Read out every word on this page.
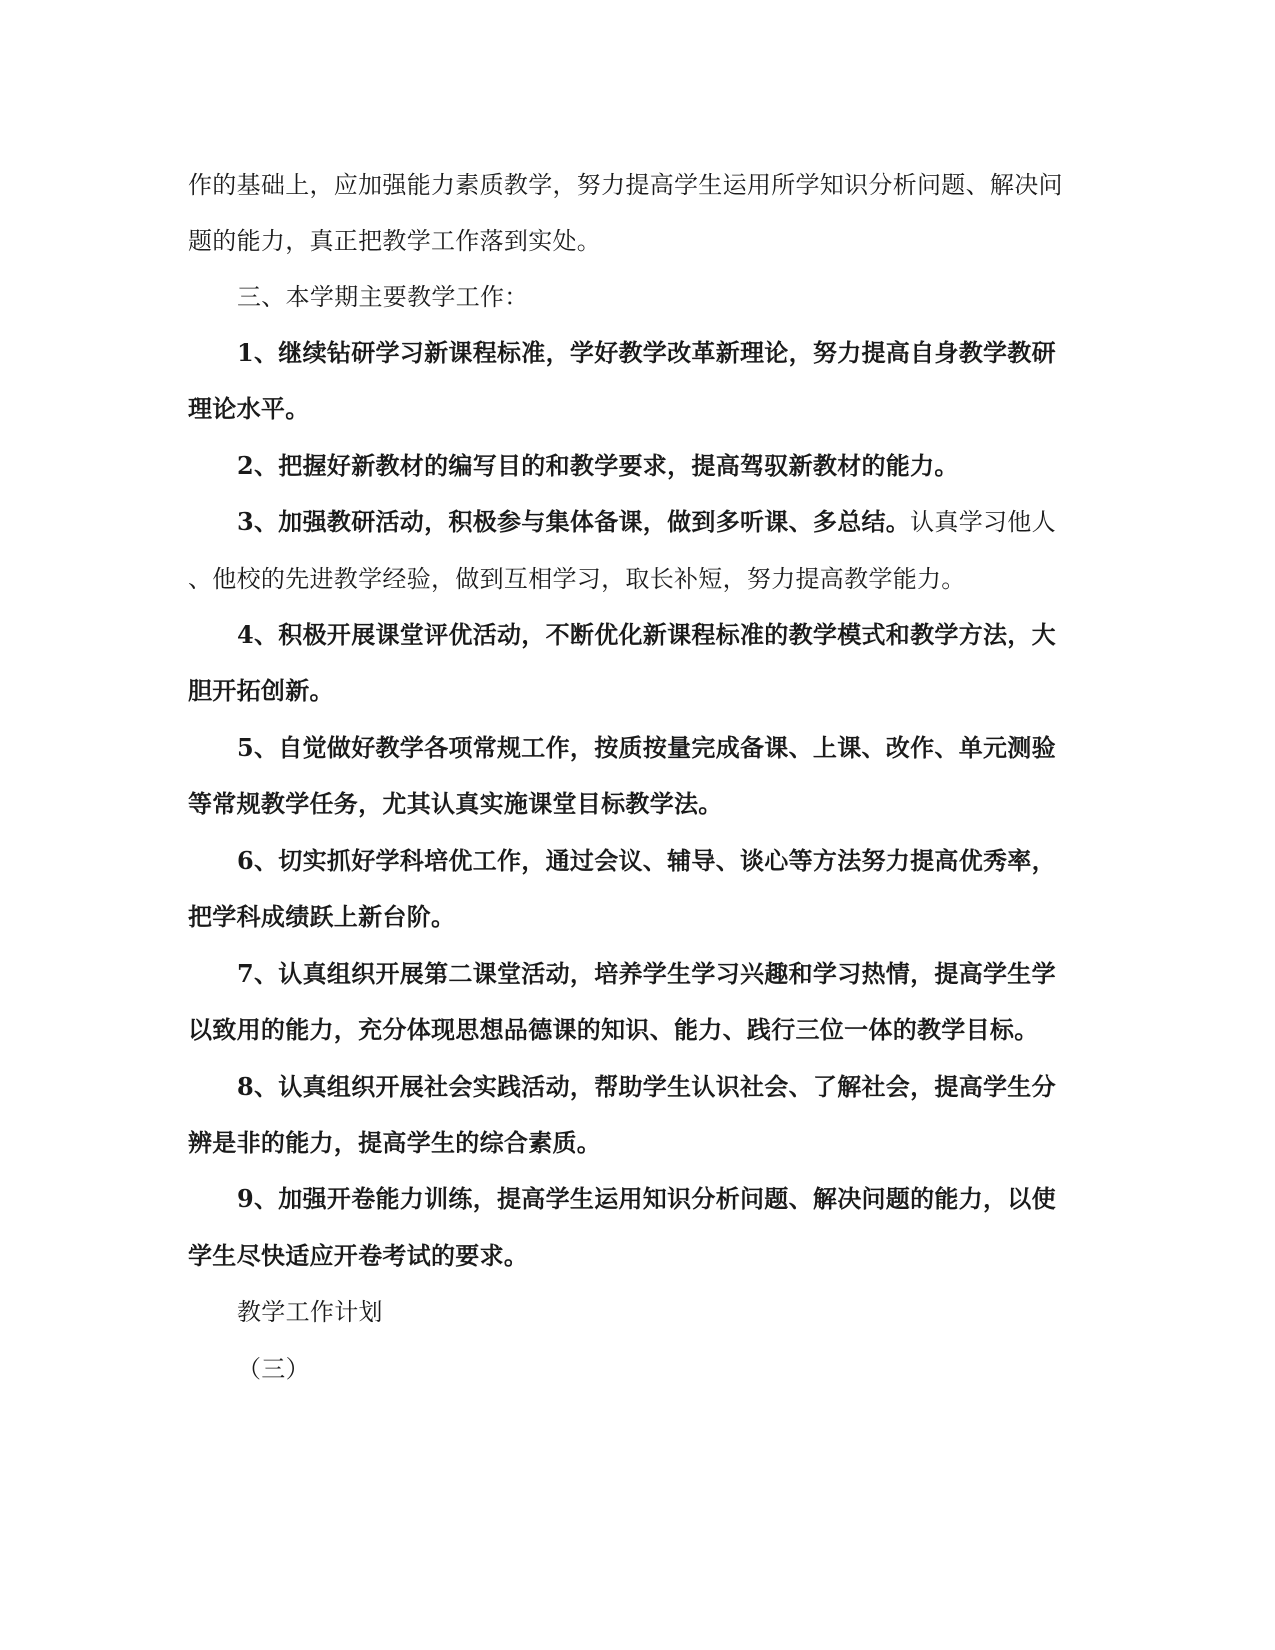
作的基础上，应加强能力素质教学，努力提高学生运用所学知识分析问题、解决问
题的能力，真正把教学工作落到实处。
三、本学期主要教学工作：
1、继续钻研学习新课程标准，学好教学改革新理论，努力提高自身教学教研
理论水平。
2、把握好新教材的编写目的和教学要求，提高驾驭新教材的能力。
3、加强教研活动，积极参与集体备课，做到多听课、多总结。认真学习他人
、他校的先进教学经验，做到互相学习，取长补短，努力提高教学能力。
4、积极开展课堂评优活动，不断优化新课程标准的教学模式和教学方法，大
胆开拓创新。
5、自觉做好教学各项常规工作，按质按量完成备课、上课、改作、单元测验
等常规教学任务，尤其认真实施课堂目标教学法。
6、切实抓好学科培优工作，通过会议、辅导、谈心等方法努力提高优秀率，
把学科成绩跃上新台阶。
7、认真组织开展第二课堂活动，培养学生学习兴趣和学习热情，提高学生学
以致用的能力，充分体现思想品德课的知识、能力、践行三位一体的教学目标。
8、认真组织开展社会实践活动，帮助学生认识社会、了解社会，提高学生分
辨是非的能力，提高学生的综合素质。
9、加强开卷能力训练，提高学生运用知识分析问题、解决问题的能力，以使
学生尽快适应开卷考试的要求。
教学工作计划
（三）
